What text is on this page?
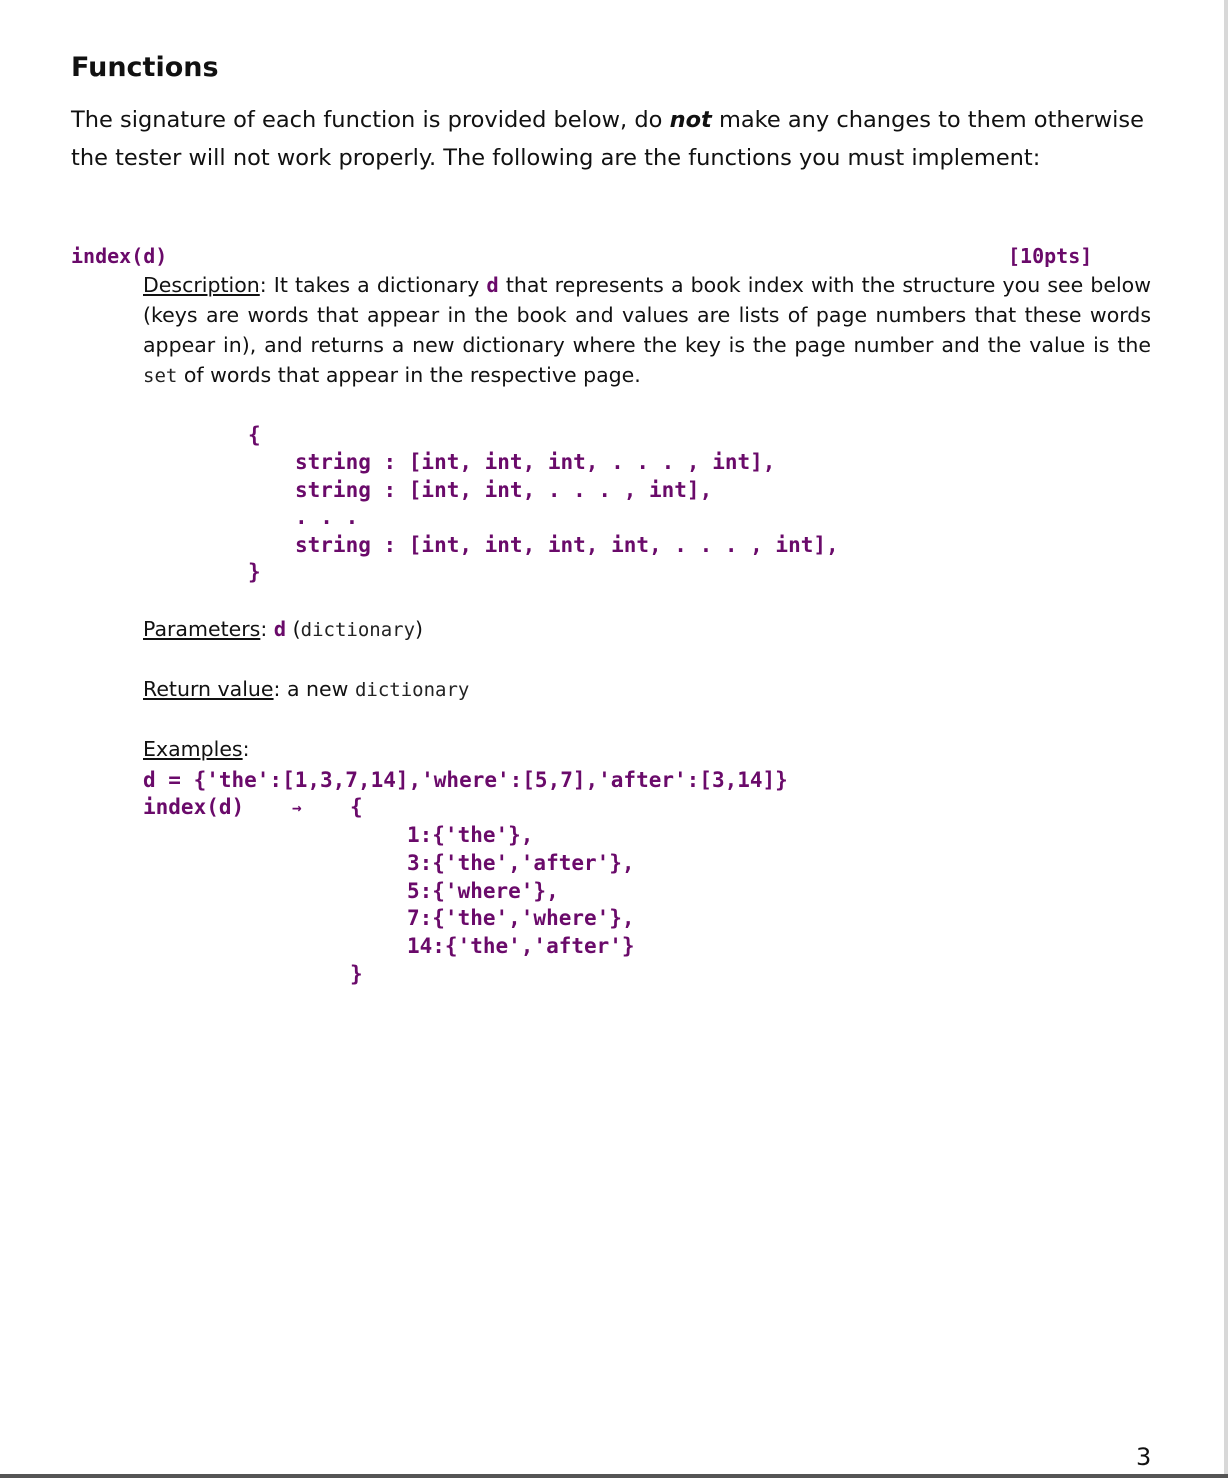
Functions

The signature of each function is provided below, do not make any changes to them otherwise the tester will not work properly. The following are the functions you must implement:

index(d)	[10pts]

Description: It takes a dictionary d that represents a book index with the structure you see below (keys are words that appear in the book and values are lists of page numbers that these words appear in), and returns a new dictionary where the key is the page number and the value is the set of words that appear in the respective page.

{
string : [int, int, int, . . . , int],
string : [int, int, . . . , int],
. . .
string : [int, int, int, int, . . . , int],
}
Parameters: d (dictionary)
Return value: a new dictionary
Examples:
d = {'the':[1,3,7,14],'where':[5,7],'after':[3,14]}
index(d)	→ {
1:{'the'},
3:{'the','after'},
5:{'where'},
7:{'the','where'},
14:{'the','after'}
}
3
